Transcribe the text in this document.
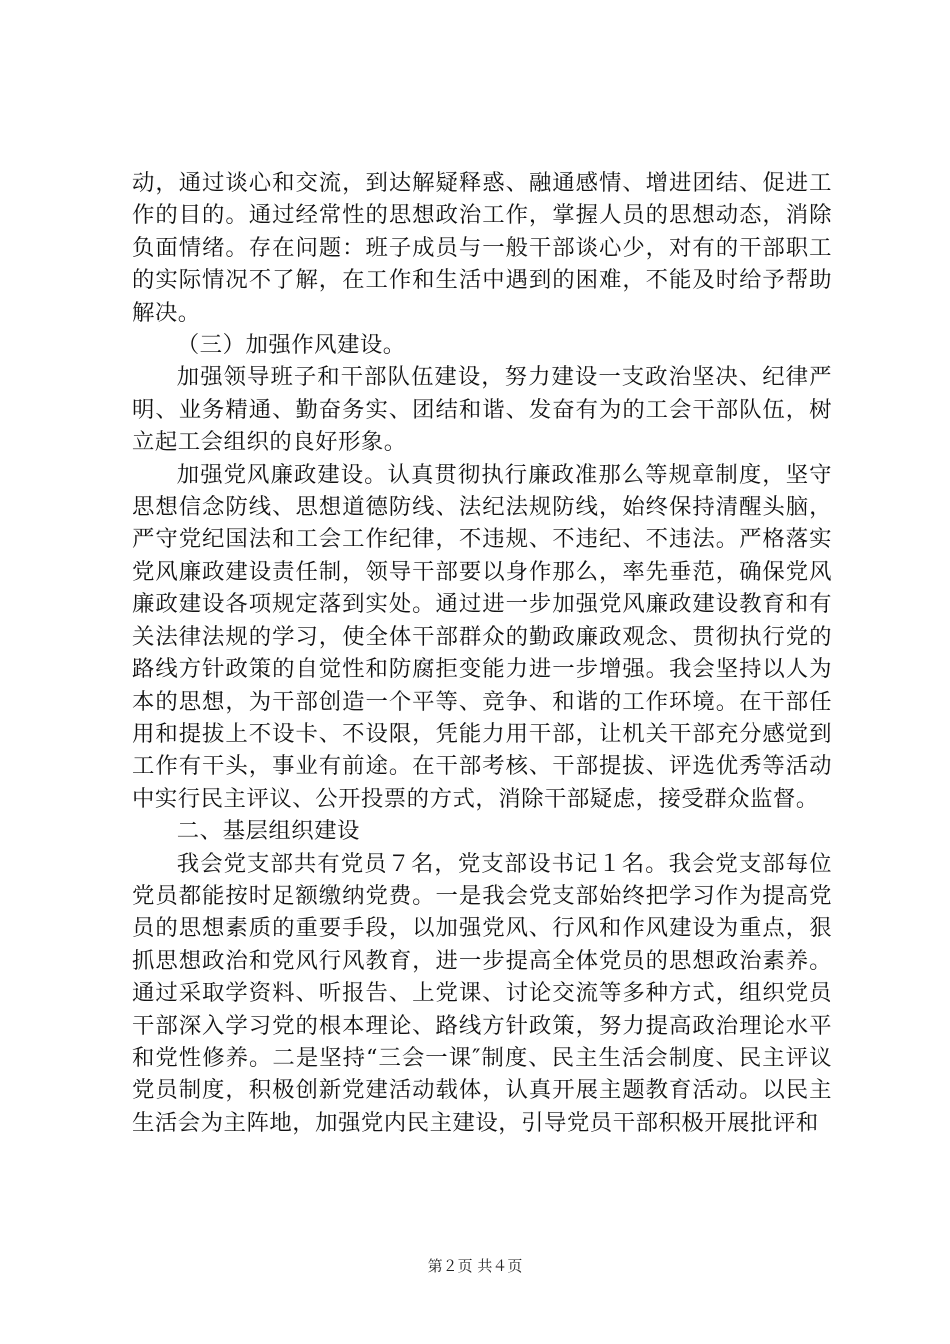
动，通过谈心和交流，到达解疑释惑、融通感情、增进团结、促进工作的目的。通过经常性的思想政治工作，掌握人员的思想动态，消除负面情绪。存在问题：班子成员与一般干部谈心少，对有的干部职工的实际情况不了解，在工作和生活中遇到的困难，不能及时给予帮助解决。

（三）加强作风建设。

加强领导班子和干部队伍建设，努力建设一支政治坚决、纪律严明、业务精通、勤奋务实、团结和谐、发奋有为的工会干部队伍，树立起工会组织的良好形象。

加强党风廉政建设。认真贯彻执行廉政准那么等规章制度，坚守思想信念防线、思想道德防线、法纪法规防线，始终保持清醒头脑，严守党纪国法和工会工作纪律，不违规、不违纪、不违法。严格落实党风廉政建设责任制，领导干部要以身作那么，率先垂范，确保党风廉政建设各项规定落到实处。通过进一步加强党风廉政建设教育和有关法律法规的学习，使全体干部群众的勤政廉政观念、贯彻执行党的路线方针政策的自觉性和防腐拒变能力进一步增强。我会坚持以人为本的思想，为干部创造一个平等、竞争、和谐的工作环境。在干部任用和提拔上不设卡、不设限，凭能力用干部，让机关干部充分感觉到工作有干头，事业有前途。在干部考核、干部提拔、评选优秀等活动中实行民主评议、公开投票的方式，消除干部疑虑，接受群众监督。

二、基层组织建设

我会党支部共有党员７名，党支部设书记１名。我会党支部每位党员都能按时足额缴纳党费。一是我会党支部始终把学习作为提高党员的思想素质的重要手段，以加强党风、行风和作风建设为重点，狠抓思想政治和党风行风教育，进一步提高全体党员的思想政治素养。通过采取学资料、听报告、上党课、讨论交流等多种方式，组织党员干部深入学习党的根本理论、路线方针政策，努力提高政治理论水平和党性修养。二是坚持“三会一课″制度、民主生活会制度、民主评议党员制度，积极创新党建活动载体，认真开展主题教育活动。以民主生活会为主阵地，加强党内民主建设，引导党员干部积极开展批评和

第２页 共４页
